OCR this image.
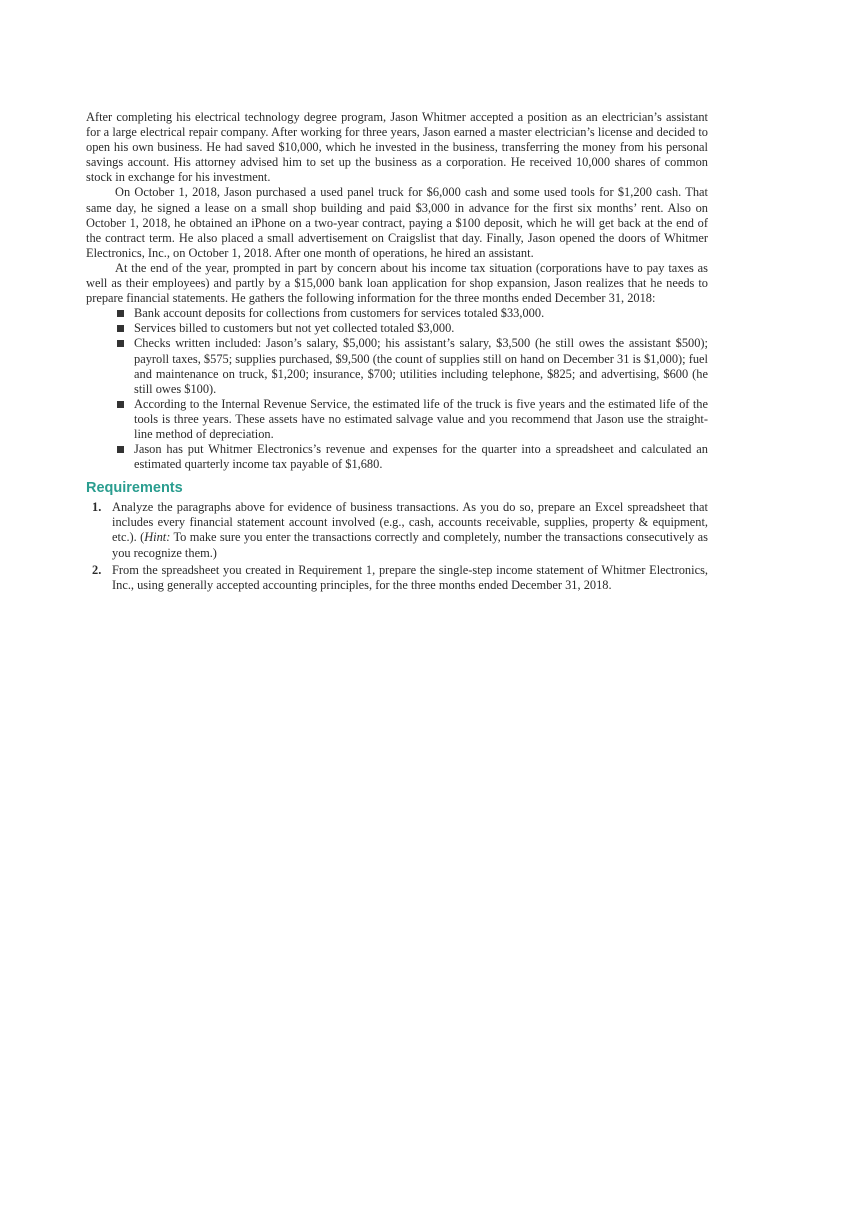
After completing his electrical technology degree program, Jason Whitmer accepted a position as an electrician’s assistant for a large electrical repair company. After working for three years, Jason earned a master electrician’s license and decided to open his own business. He had saved $10,000, which he invested in the business, transferring the money from his personal savings account. His attorney advised him to set up the business as a corporation. He received 10,000 shares of common stock in exchange for his investment.

On October 1, 2018, Jason purchased a used panel truck for $6,000 cash and some used tools for $1,200 cash. That same day, he signed a lease on a small shop building and paid $3,000 in advance for the first six months’ rent. Also on October 1, 2018, he obtained an iPhone on a two-year contract, paying a $100 deposit, which he will get back at the end of the contract term. He also placed a small advertisement on Craigslist that day. Finally, Jason opened the doors of Whitmer Electronics, Inc., on October 1, 2018. After one month of operations, he hired an assistant.

At the end of the year, prompted in part by concern about his income tax situation (corporations have to pay taxes as well as their employees) and partly by a $15,000 bank loan application for shop expansion, Jason realizes that he needs to prepare financial statements. He gathers the following information for the three months ended December 31, 2018:

Bank account deposits for collections from customers for services totaled $33,000.
Services billed to customers but not yet collected totaled $3,000.
Checks written included: Jason’s salary, $5,000; his assistant’s salary, $3,500 (he still owes the assistant $500); payroll taxes, $575; supplies purchased, $9,500 (the count of supplies still on hand on December 31 is $1,000); fuel and maintenance on truck, $1,200; insurance, $700; utilities including telephone, $825; and advertising, $600 (he still owes $100).
According to the Internal Revenue Service, the estimated life of the truck is five years and the estimated life of the tools is three years. These assets have no estimated salvage value and you recommend that Jason use the straight-line method of depreciation.
Jason has put Whitmer Electronics’s revenue and expenses for the quarter into a spreadsheet and calculated an estimated quarterly income tax payable of $1,680.
Requirements
1. Analyze the paragraphs above for evidence of business transactions. As you do so, prepare an Excel spreadsheet that includes every financial statement account involved (e.g., cash, accounts receivable, supplies, property & equipment, etc.). (Hint: To make sure you enter the transactions correctly and completely, number the transactions consecutively as you recognize them.)
2. From the spreadsheet you created in Requirement 1, prepare the single-step income statement of Whitmer Electronics, Inc., using generally accepted accounting principles, for the three months ended December 31, 2018.
